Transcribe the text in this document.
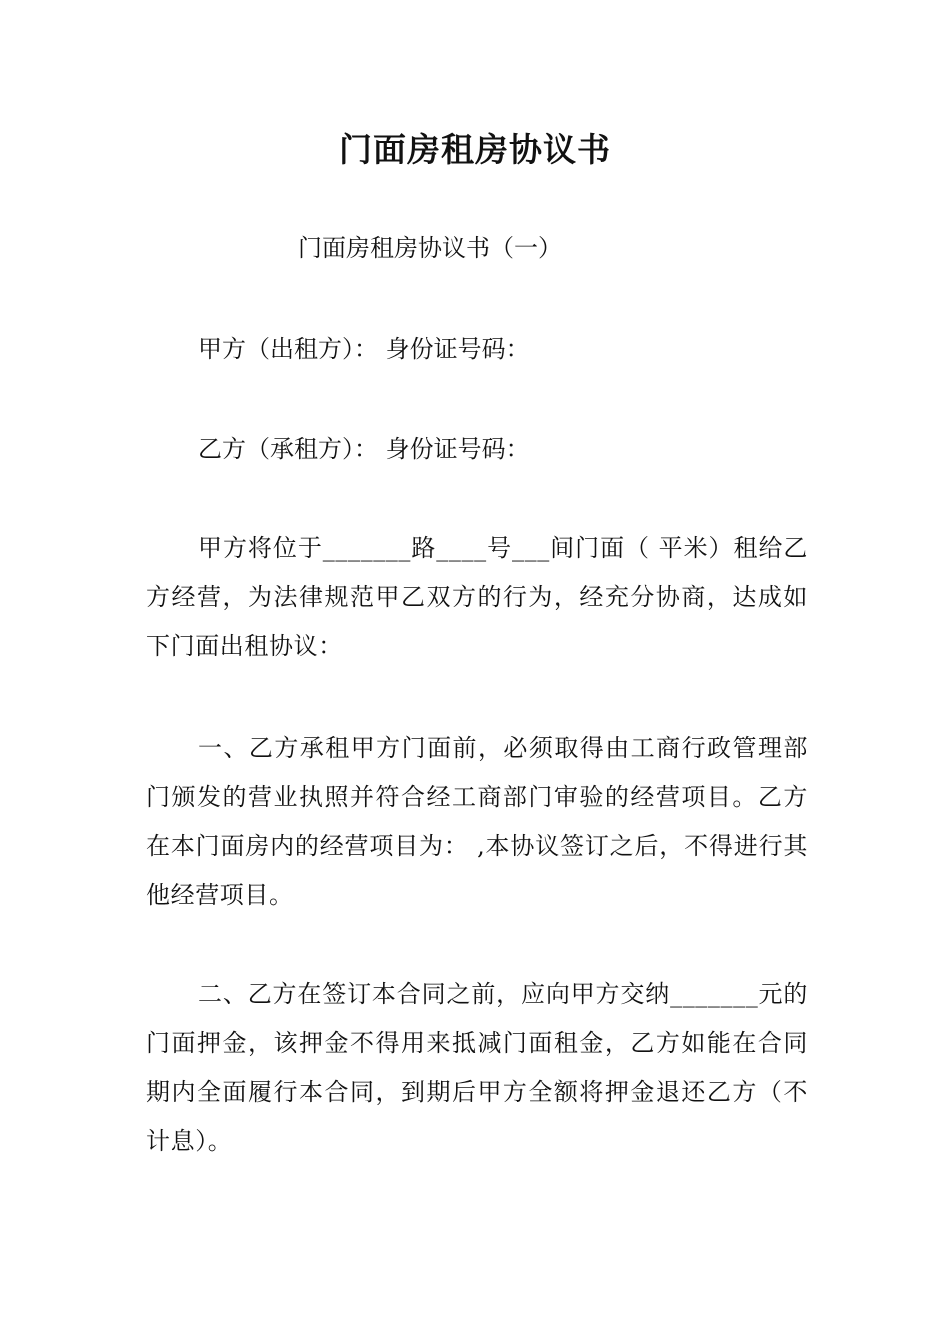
门面房租房协议书
门面房租房协议书（一）
甲方（出租方）： 身份证号码：
乙方（承租方）： 身份证号码：

甲方将位于_______路____号___间门面（ 平米）租给乙方经营，为法律规范甲乙双方的行为，经充分协商，达成如下门面出租协议：

一、乙方承租甲方门面前，必须取得由工商行政管理部门颁发的营业执照并符合经工商部门审验的经营项目。乙方在本门面房内的经营项目为： ,本协议签订之后，不得进行其他经营项目。

二、乙方在签订本合同之前，应向甲方交纳_______元的门面押金，该押金不得用来抵减门面租金，乙方如能在合同期内全面履行本合同，到期后甲方全额将押金退还乙方（不计息）。
